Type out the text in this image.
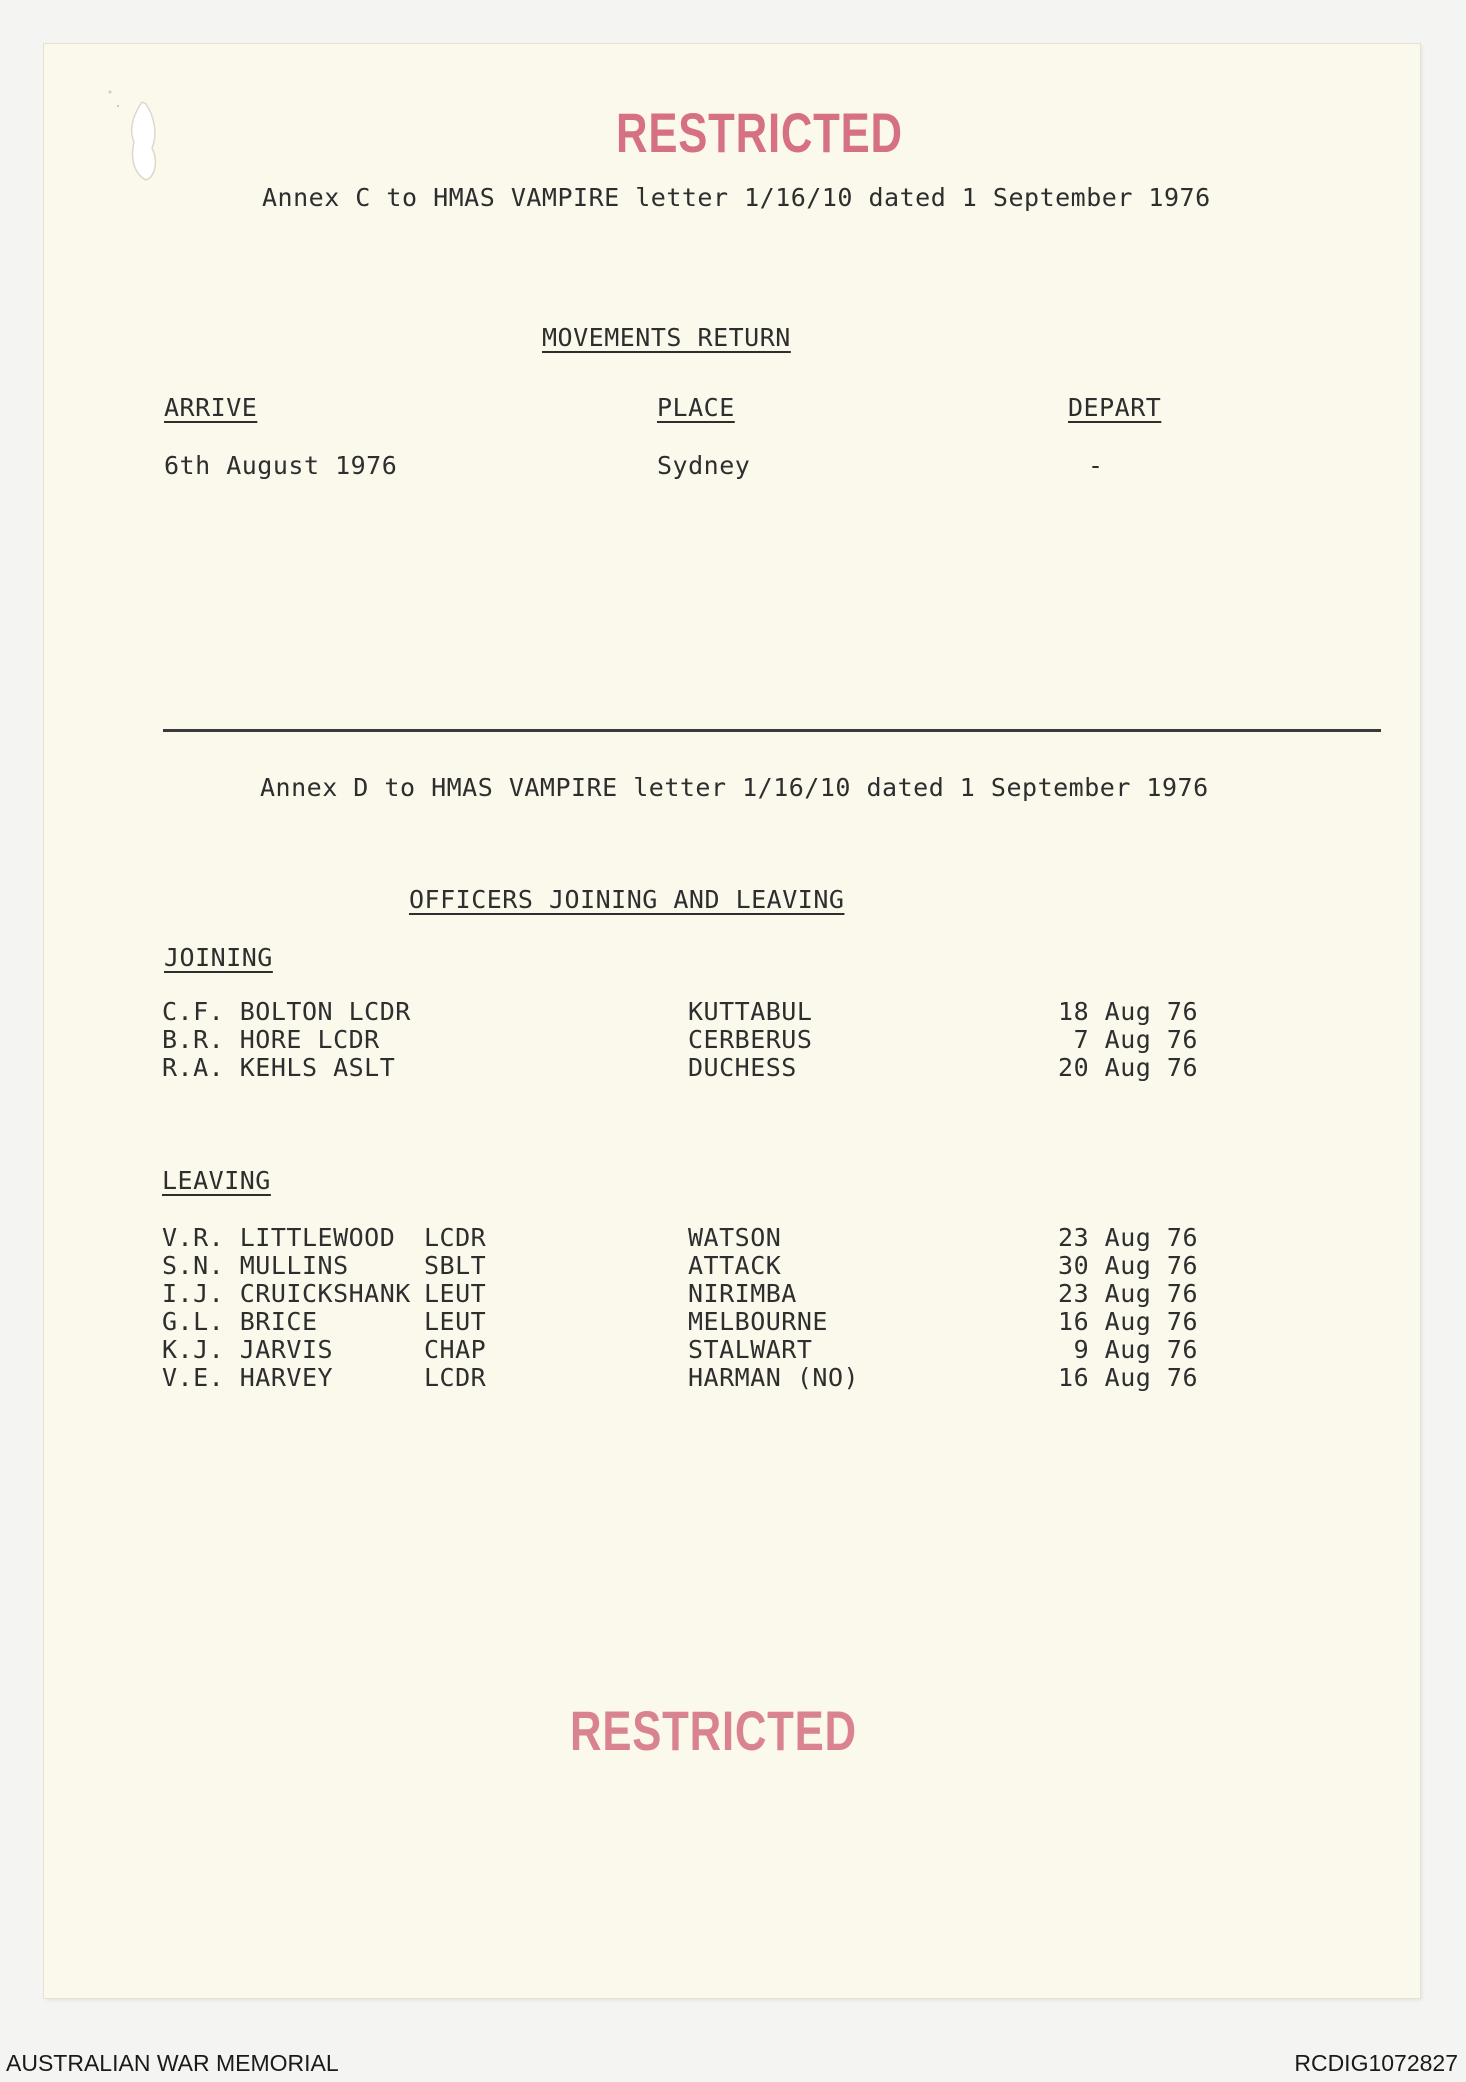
RESTRICTED
Annex C to HMAS VAMPIRE letter 1/16/10 dated 1 September 1976
MOVEMENTS RETURN
ARRIVE	PLACE	DEPART
6th August 1976	Sydney	-
Annex D to HMAS VAMPIRE letter 1/16/10 dated 1 September 1976
OFFICERS JOINING AND LEAVING
JOINING
C.F. BOLTON LCDR	KUTTABUL	18 Aug 76
B.R. HORE LCDR	CERBERUS	7 Aug 76
R.A. KEHLS ASLT	DUCHESS	20 Aug 76
LEAVING
V.R. LITTLEWOOD LCDR	WATSON	23 Aug 76
S.N. MULLINS	SBLT	ATTACK	30 Aug 76
I.J. CRUICKSHANK LEUT	NIRIMBA	23 Aug 76
G.L. BRICE	LEUT	MELBOURNE	16 Aug 76
K.J. JARVIS	CHAP	STALWART	9 Aug 76
V.E. HARVEY	LCDR	HARMAN (NO)	16 Aug 76
RESTRICTED
AUSTRALIAN WAR MEMORIAL	RCDIG1072827
